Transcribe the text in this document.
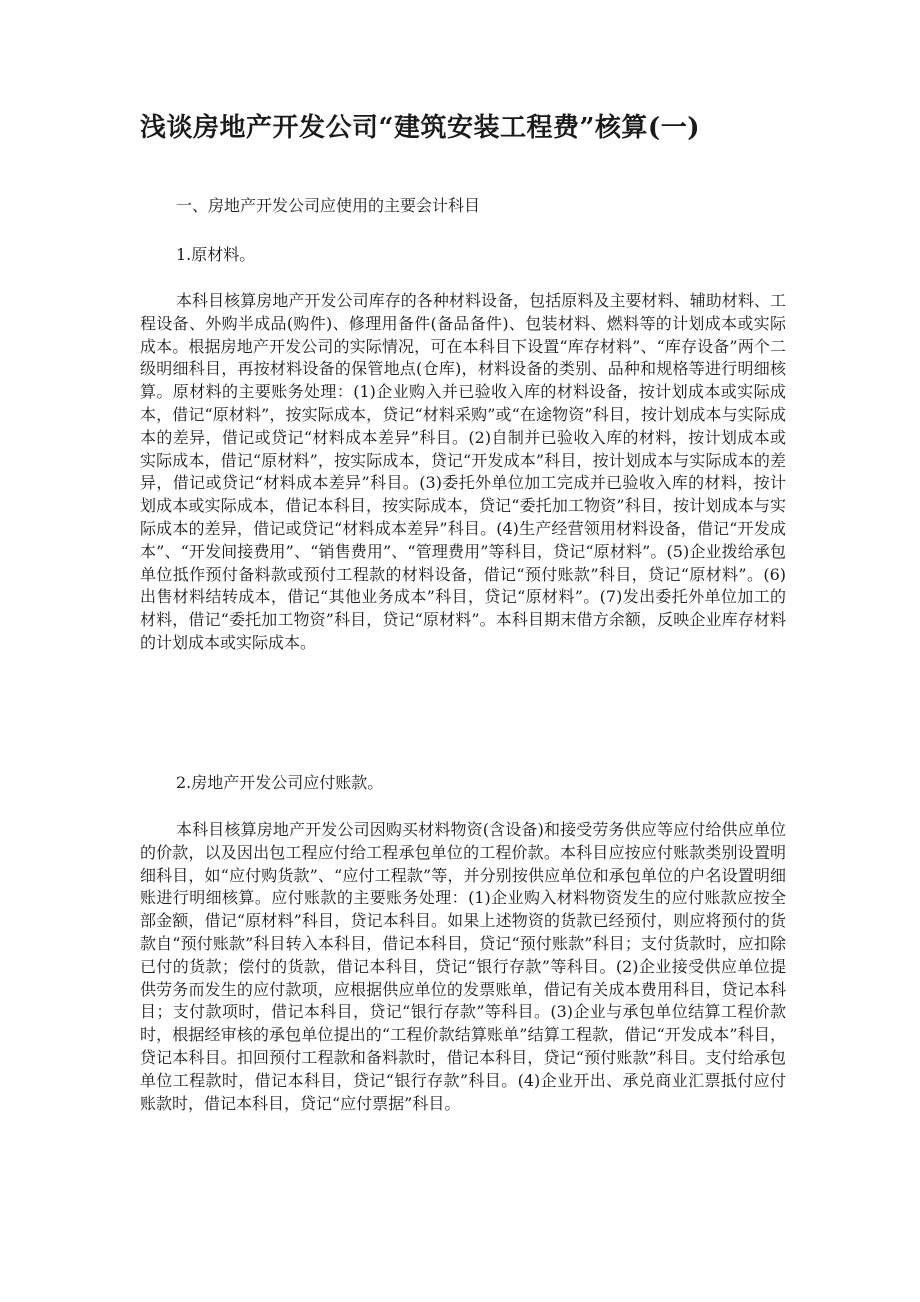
浅谈房地产开发公司“建筑安装工程费”核算(一)

一、房地产开发公司应使用的主要会计科目

1.原材料。

本科目核算房地产开发公司库存的各种材料设备，包括原料及主要材料、辅助材料、工程设备、外购半成品(购件)、修理用备件(备品备件)、包装材料、燃料等的计划成本或实际成本。根据房地产开发公司的实际情况，可在本科目下设置“库存材料”、“库存设备”两个二级明细科目，再按材料设备的保管地点(仓库)，材料设备的类别、品种和规格等进行明细核算。原材料的主要账务处理：(1)企业购入并已验收入库的材料设备，按计划成本或实际成本，借记“原材料”，按实际成本，贷记“材料采购”或“在途物资”科目，按计划成本与实际成本的差异，借记或贷记“材料成本差异”科目。(2)自制并已验收入库的材料，按计划成本或实际成本，借记“原材料”，按实际成本，贷记“开发成本”科目，按计划成本与实际成本的差异，借记或贷记“材料成本差异”科目。(3)委托外单位加工完成并已验收入库的材料，按计划成本或实际成本，借记本科目，按实际成本，贷记“委托加工物资”科目，按计划成本与实际成本的差异，借记或贷记“材料成本差异”科目。(4)生产经营领用材料设备，借记“开发成本”、“开发间接费用”、“销售费用”、“管理费用”等科目，贷记“原材料”。(5)企业拨给承包单位抵作预付备料款或预付工程款的材料设备，借记“预付账款”科目，贷记“原材料”。(6)出售材料结转成本，借记“其他业务成本”科目，贷记“原材料”。(7)发出委托外单位加工的材料，借记“委托加工物资”科目，贷记“原材料”。本科目期末借方余额，反映企业库存材料的计划成本或实际成本。

2.房地产开发公司应付账款。

本科目核算房地产开发公司因购买材料物资(含设备)和接受劳务供应等应付给供应单位的价款，以及因出包工程应付给工程承包单位的工程价款。本科目应按应付账款类别设置明细科目，如“应付购货款”、“应付工程款”等，并分别按供应单位和承包单位的户名设置明细账进行明细核算。应付账款的主要账务处理：(1)企业购入材料物资发生的应付账款应按全部金额，借记“原材料”科目，贷记本科目。如果上述物资的货款已经预付，则应将预付的货款自“预付账款”科目转入本科目，借记本科目，贷记“预付账款”科目；支付货款时，应扣除已付的货款；偿付的货款，借记本科目，贷记“银行存款”等科目。(2)企业接受供应单位提供劳务而发生的应付款项，应根据供应单位的发票账单，借记有关成本费用科目，贷记本科目；支付款项时，借记本科目，贷记“银行存款”等科目。(3)企业与承包单位结算工程价款时，根据经审核的承包单位提出的“工程价款结算账单”结算工程款，借记“开发成本”科目，贷记本科目。扣回预付工程款和备料款时，借记本科目，贷记“预付账款”科目。支付给承包单位工程款时，借记本科目，贷记“银行存款”科目。(4)企业开出、承兑商业汇票抵付应付账款时，借记本科目，贷记“应付票据”科目。
